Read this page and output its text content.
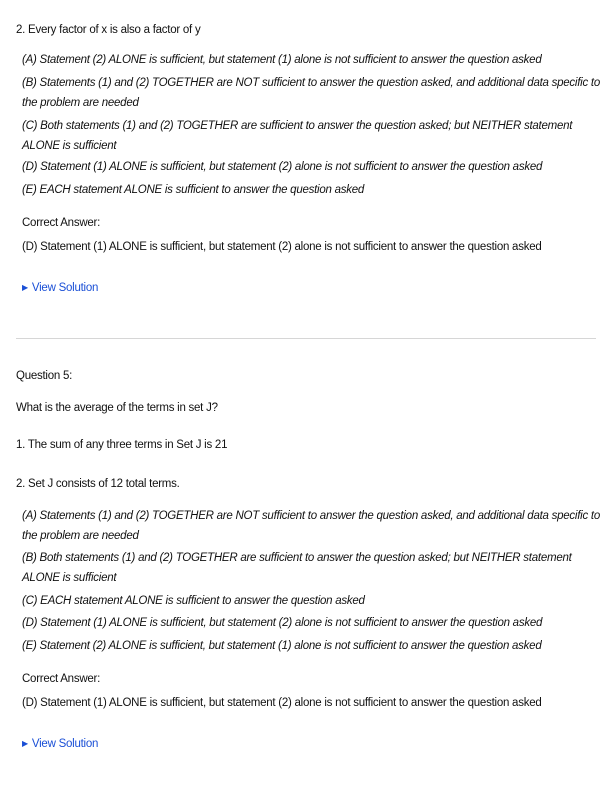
2. Every factor of x is also a factor of y
(A) Statement (2) ALONE is sufficient, but statement (1) alone is not sufficient to answer the question asked
(B) Statements (1) and (2) TOGETHER are NOT sufficient to answer the question asked, and additional data specific to the problem are needed
(C) Both statements (1) and (2) TOGETHER are sufficient to answer the question asked; but NEITHER statement ALONE is sufficient
(D) Statement (1) ALONE is sufficient, but statement (2) alone is not sufficient to answer the question asked
(E) EACH statement ALONE is sufficient to answer the question asked
Correct Answer:
(D) Statement (1) ALONE is sufficient, but statement (2) alone is not sufficient to answer the question asked
▶ View Solution
Question 5:
What is the average of the terms in set J?
1. The sum of any three terms in Set J is 21
2. Set J consists of 12 total terms.
(A) Statements (1) and (2) TOGETHER are NOT sufficient to answer the question asked, and additional data specific to the problem are needed
(B) Both statements (1) and (2) TOGETHER are sufficient to answer the question asked; but NEITHER statement ALONE is sufficient
(C) EACH statement ALONE is sufficient to answer the question asked
(D) Statement (1) ALONE is sufficient, but statement (2) alone is not sufficient to answer the question asked
(E) Statement (2) ALONE is sufficient, but statement (1) alone is not sufficient to answer the question asked
Correct Answer:
(D) Statement (1) ALONE is sufficient, but statement (2) alone is not sufficient to answer the question asked
▶ View Solution
